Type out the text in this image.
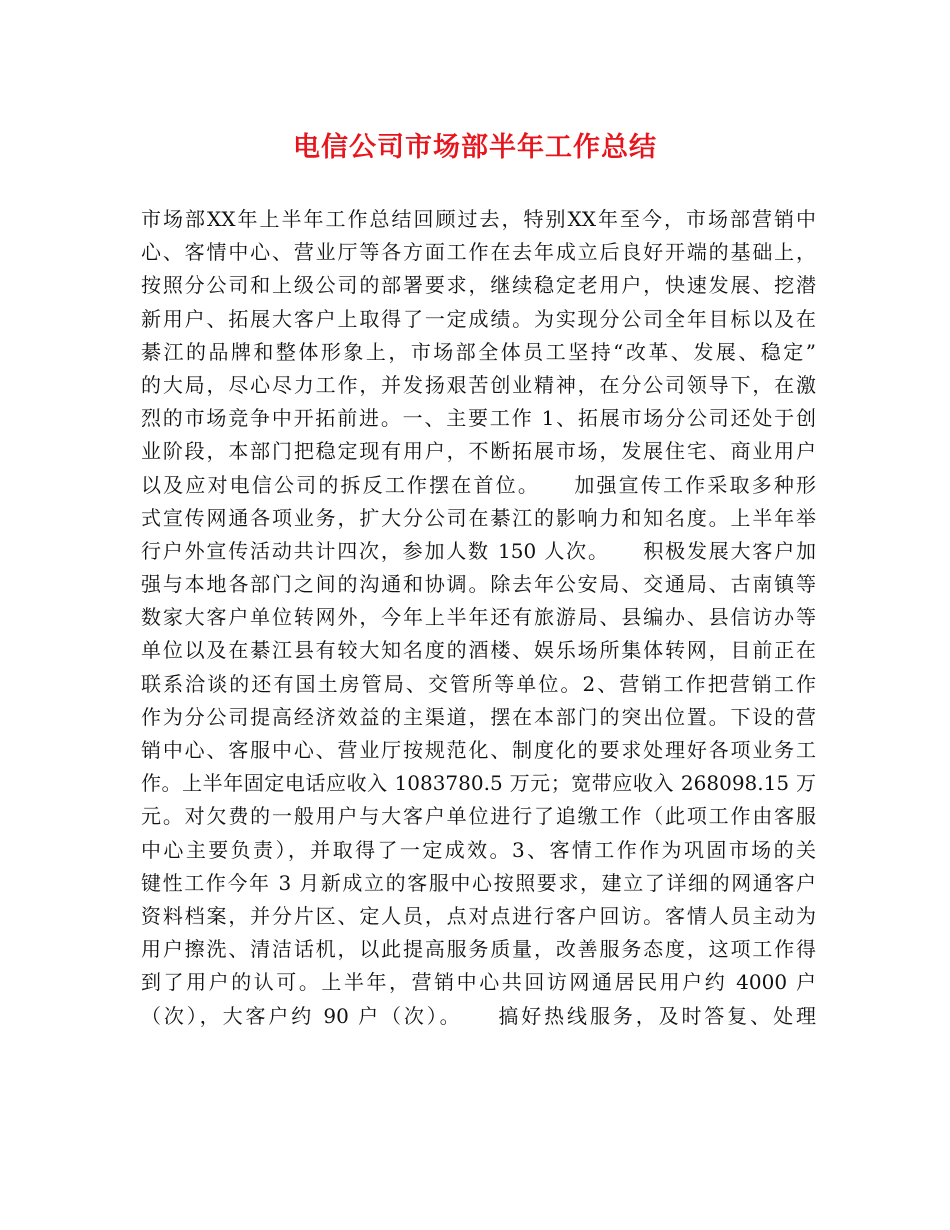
电信公司市场部半年工作总结
市场部XX年上半年工作总结回顾过去，特别XX年至今，市场部营销中
心、客情中心、营业厅等各方面工作在去年成立后良好开端的基础上，
按照分公司和上级公司的部署要求，继续稳定老用户，快速发展、挖潜
新用户、拓展大客户上取得了一定成绩。为实现分公司全年目标以及在
綦江的品牌和整体形象上，市场部全体员工坚持“改革、发展、稳定”
的大局，尽心尽力工作，并发扬艰苦创业精神，在分公司领导下，在激
烈的市场竞争中开拓前进。一、主要工作 1、拓展市场分公司还处于创
业阶段，本部门把稳定现有用户，不断拓展市场，发展住宅、商业用户
以及应对电信公司的拆反工作摆在首位。　　加强宣传工作采取多种形
式宣传网通各项业务，扩大分公司在綦江的影响力和知名度。上半年举
行户外宣传活动共计四次，参加人数 150 人次。　　积极发展大客户加
强与本地各部门之间的沟通和协调。除去年公安局、交通局、古南镇等
数家大客户单位转网外，今年上半年还有旅游局、县编办、县信访办等
单位以及在綦江县有较大知名度的酒楼、娱乐场所集体转网，目前正在
联系洽谈的还有国土房管局、交管所等单位。2、营销工作把营销工作
作为分公司提高经济效益的主渠道，摆在本部门的突出位置。下设的营
销中心、客服中心、营业厅按规范化、制度化的要求处理好各项业务工
作。上半年固定电话应收入 1083780.5 万元；宽带应收入 268098.15 万
元。对欠费的一般用户与大客户单位进行了追缴工作（此项工作由客服
中心主要负责），并取得了一定成效。3、客情工作作为巩固市场的关
键性工作今年 3 月新成立的客服中心按照要求，建立了详细的网通客户
资料档案，并分片区、定人员，点对点进行客户回访。客情人员主动为
用户擦洗、清洁话机，以此提高服务质量，改善服务态度，这项工作得
到了用户的认可。上半年，营销中心共回访网通居民用户约 4000 户
（次），大客户约 90 户（次）。　　搞好热线服务，及时答复、处理
